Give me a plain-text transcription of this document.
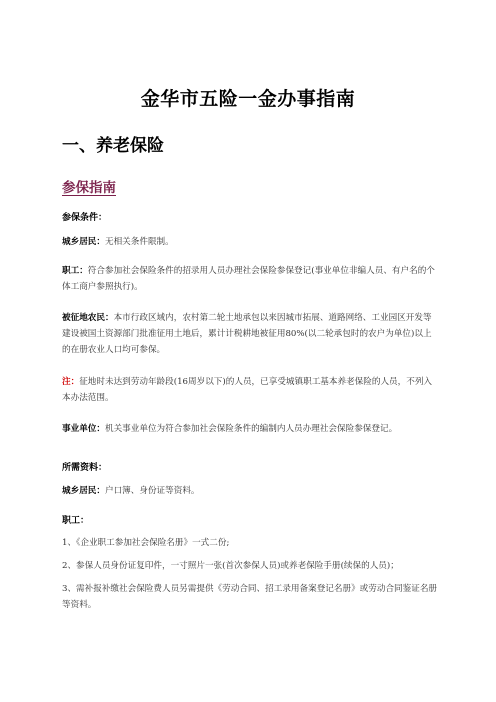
金华市五险一金办事指南
一、养老保险
参保指南
参保条件：
城乡居民：无相关条件限制。
职工：符合参加社会保险条件的招录用人员办理社会保险参保登记(事业单位非编人员、有户名的个体工商户参照执行)。
被征地农民：本市行政区域内，农村第二轮土地承包以来因城市拓展、道路网络、工业园区开发等建设被国土资源部门批准征用土地后，累计计税耕地被征用80%(以二轮承包时的农户为单位)以上的在册农业人口均可参保。
注：征地时未达到劳动年龄段(16周岁以下)的人员，已享受城镇职工基本养老保险的人员，不列入本办法范围。
事业单位：机关事业单位为符合参加社会保险条件的编制内人员办理社会保险参保登记。
所需资料：
城乡居民：户口簿、身份证等资料。
职工：
1、《企业职工参加社会保险名册》一式二份;
2、参保人员身份证复印件，一寸照片一张(首次参保人员)或养老保险手册(续保的人员)；
3、需补报补缴社会保险费人员另需提供《劳动合同、招工录用备案登记名册》或劳动合同鉴证名册等资料。
